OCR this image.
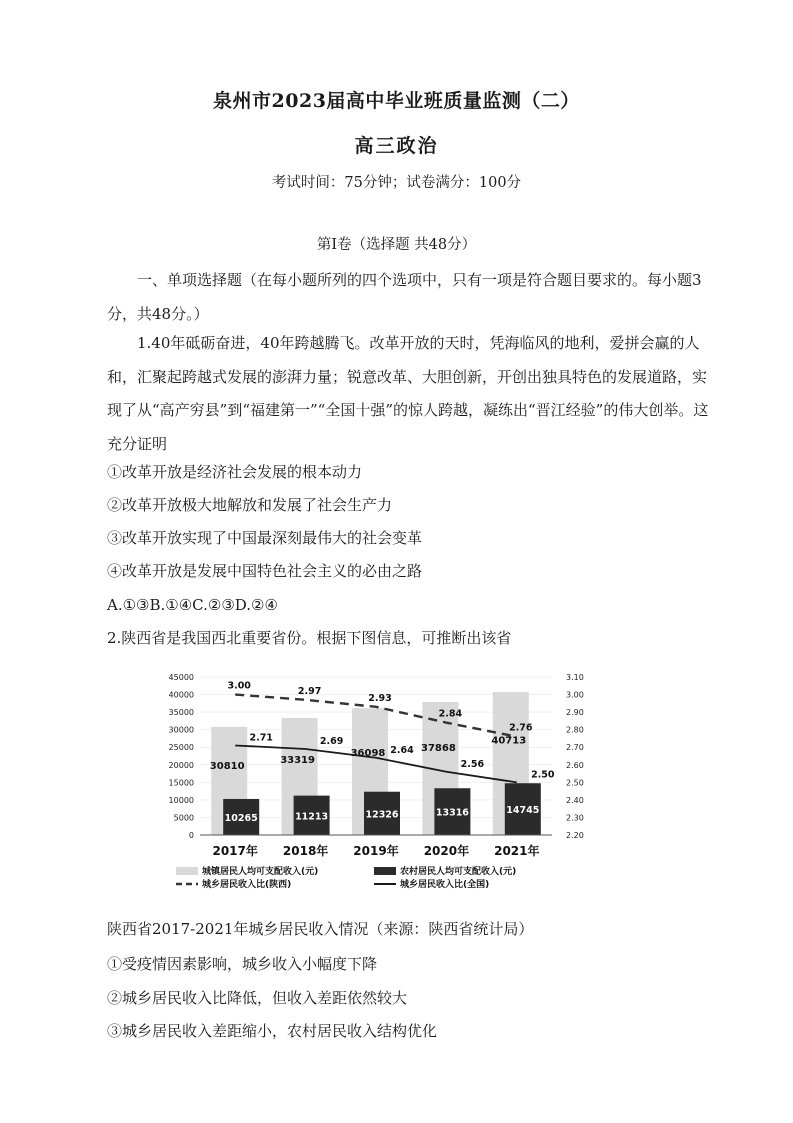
泉州市2023届高中毕业班质量监测（二）
高三政治
考试时间：75分钟；试卷满分：100分
第I卷（选择题 共48分）
一、单项选择题（在每小题所列的四个选项中，只有一项是符合题目要求的。每小题3分，共48分。）
1.40年砥砺奋进，40年跨越腾飞。改革开放的天时，凭海临风的地利，爱拼会赢的人和，汇聚起跨越式发展的澎湃力量；锐意改革、大胆创新，开创出独具特色的发展道路，实现了从“高产穷县”到“福建第一”“全国十强”的惊人跨越，凝练出“晋江经验”的伟大创举。这充分证明
①改革开放是经济社会发展的根本动力
②改革开放极大地解放和发展了社会生产力
③改革开放实现了中国最深刻最伟大的社会变革
④改革开放是发展中国特色社会主义的必由之路
A.①③B.①④C.②③D.②④
2.陕西省是我国西北重要省份。根据下图信息，可推断出该省
0
5000
10000
15000
20000
25000
30000
35000
40000
45000
2.20
2.30
2.40
2.50
2.60
2.70
2.80
2.90
3.00
3.10
30810
33319
36098	37868
40713
10265	11213	12326	13316	14745
3.00	2.97
2.93
2.84
2.76
2.71	2.69
2.64
2.56
2.50
2017年 2018年 2019年 2020年 2021年
城镇居民人均可支配收入(元)	农村居民人均可支配收入(元)
城乡居民收入比(陕西)	城乡居民收入比(全国)
陕西省2017-2021年城乡居民收入情况（来源：陕西省统计局）
①受疫情因素影响，城乡收入小幅度下降
②城乡居民收入比降低，但收入差距依然较大
③城乡居民收入差距缩小，农村居民收入结构优化
